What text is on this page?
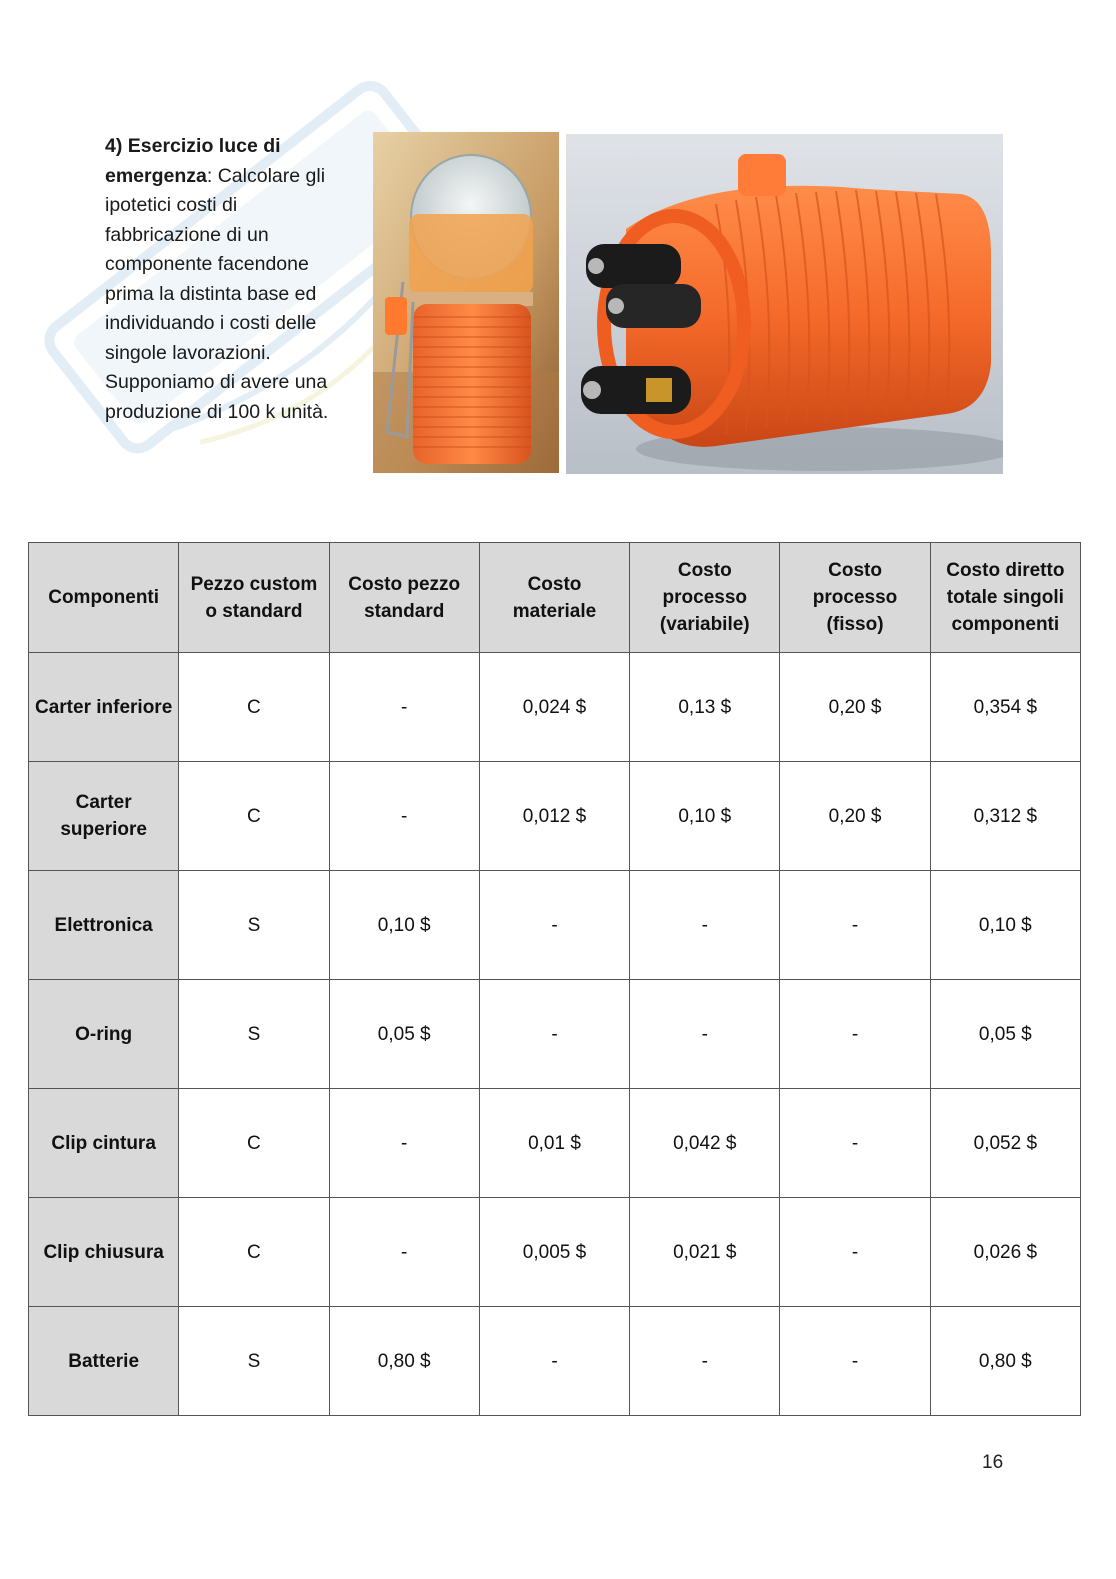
4) Esercizio luce di emergenza: Calcolare gli ipotetici costi di fabbricazione di un componente facendone prima la distinta base ed individuando i costi delle singole lavorazioni. Supponiamo di avere una produzione di 100 k unità.
Componenti	Pezzo custom o standard	Costo pezzo standard	Costo materiale	Costo processo (variabile)	Costo processo (fisso)	Costo diretto totale singoli componenti
Carter inferiore	C	-	0,024 $	0,13 $	0,20 $	0,354 $
Carter superiore	C	-	0,012 $	0,10 $	0,20 $	0,312 $
Elettronica	S	0,10 $	-	-	-	0,10 $
O-ring	S	0,05 $	-	-	-	0,05 $
Clip cintura	C	-	0,01 $	0,042 $	-	0,052 $
Clip chiusura	C	-	0,005 $	0,021 $	-	0,026 $
Batterie	S	0,80 $	-	-	-	0,80 $
16
